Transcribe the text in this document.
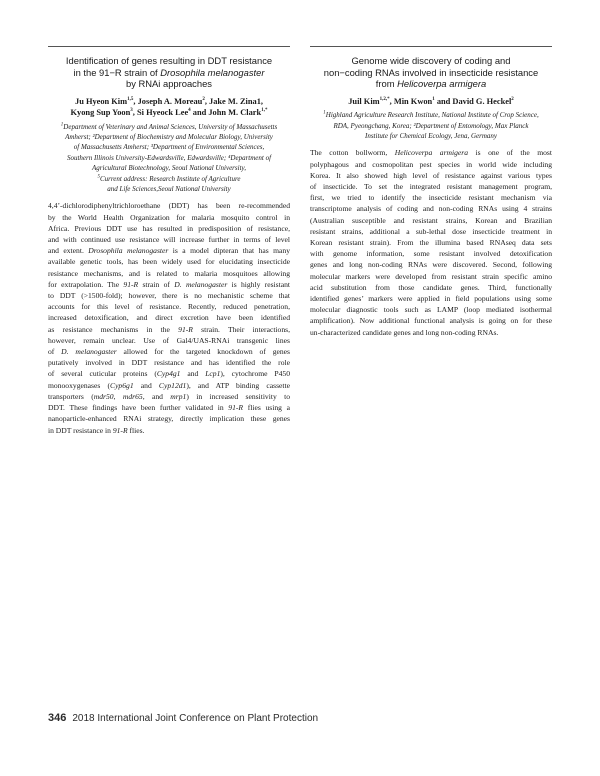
Identification of genes resulting in DDT resistance
in the 91−R strain of Drosophila melanogaster
by RNAi approaches
Ju Hyeon Kim$^{1,5}$, Joseph A. Moreau$^2$, Jake M. Zina1,
Kyong Sup Yoon$^3$, Si Hyeock Lee$^4$ and John M. Clark$^{1,*}$
$^1$Department of Veterinary and Animal Sciences, University of Massachusetts
Amherst; ²Department of Biochemistry and Molecular Biology, University
of Massachusetts Amherst; ³Department of Environmental Sciences,
Southern Illinois University-Edwardsville, Edwardsville; ⁴Department of
Agricultural Biotechnology, Seoul National University,
$^5$Current address: Research Institute of Agriculture
and Life Sciences,Seoul National University

4,4’-dichlorodiphenyltrichloroethane (DDT) has been re-recommended
by the World Health Organization for malaria mosquito control in
Africa. Previous DDT use has resulted in predisposition of resistance,
and with continued use resistance will increase further in terms of level
and extent. Drosophila melanogaster is a model dipteran that has many
available genetic tools, has been widely used for elucidating insecticide
resistance mechanisms, and is related to malaria mosquitoes allowing
for extrapolation. The 91-R strain of D. melanogaster is highly resistant
to DDT (>1500-fold); however, there is no mechanistic scheme that
accounts for this level of resistance. Recently, reduced penetration,
increased detoxification, and direct excretion have been identified
as resistance mechanisms in the 91-R strain. Their interactions,
however, remain unclear. Use of Gal4/UAS-RNAi transgenic lines
of D. melanogaster allowed for the targeted knockdown of genes
putatively involved in DDT resistance and has identified the role
of several cuticular proteins (Cyp4g1 and Lcp1), cytochrome P450
monooxygenases (Cyp6g1 and Cyp12d1), and ATP binding cassette
transporters (mdr50, mdr65, and mrp1) in increased sensitivity to
DDT. These findings have been further validated in 91-R flies using a
nanoparticle-enhanced RNAi strategy, directly implication these genes
in DDT resistance in 91-R flies.

Genome wide discovery of coding and
non−coding RNAs involved in insecticide resistance
from Helicoverpa armigera
Juil Kim$^{1,2,*}$, Min Kwon$^1$ and David G. Heckel$^2$
$^1$Highland Agriculture Research Institute, National Institute of Crop Science,
RDA, Pyeongchang, Korea; ²Department of Entomology, Max Planck
Institute for Chemical Ecology, Jena, Germany

The cotton bollworm, Helicoverpa armigera is one of the most
polyphagous and cosmopolitan pest species in world wide including
Korea. It also showed high level of resistance against various types
of insecticide. To set the integrated resistant management program,
first, we tried to identify the insecticide resistant mechanism via
transcriptome analysis of coding and non-coding RNAs using 4 strains
(Australian susceptible and resistant strains, Korean and Brazilian
resistant strains, additional a sub-lethal dose insecticide treatment in
Korean resistant strain). From the illumina based RNAseq data sets
with genome information, some resistant involved detoxification
genes and long non-coding RNAs were discovered. Second, following
molecular markers were developed from resistant strain specific amino
acid substitution from those candidate genes. Third, functionally
identified genes’ markers were applied in field populations using some
molecular diagnostic tools such as LAMP (loop mediated isothermal
amplification). Now additional functional analysis is going on for these
un-characterized candidate genes and long non-coding RNAs.

346 2018 International Joint Conference on Plant Protection
